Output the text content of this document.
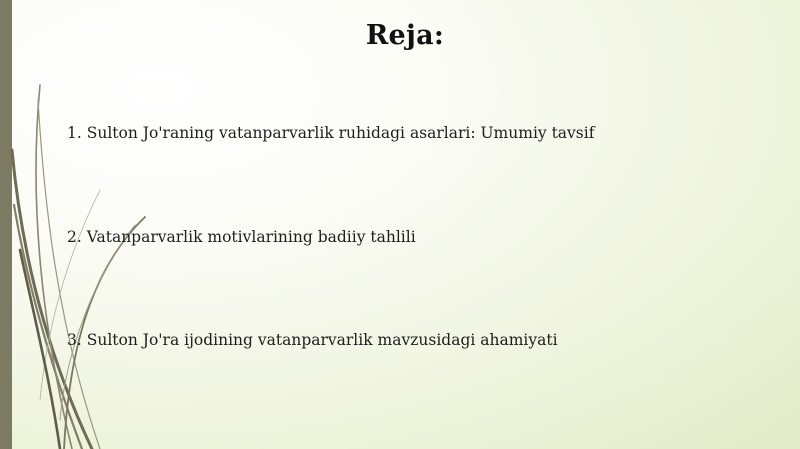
Reja:
1. Sulton Jo'raning vatanparvarlik ruhidagi asarlari: Umumiy tavsif
2. Vatanparvarlik motivlarining badiiy tahlili
3. Sulton Jo'ra ijodining vatanparvarlik mavzusidagi ahamiyati
